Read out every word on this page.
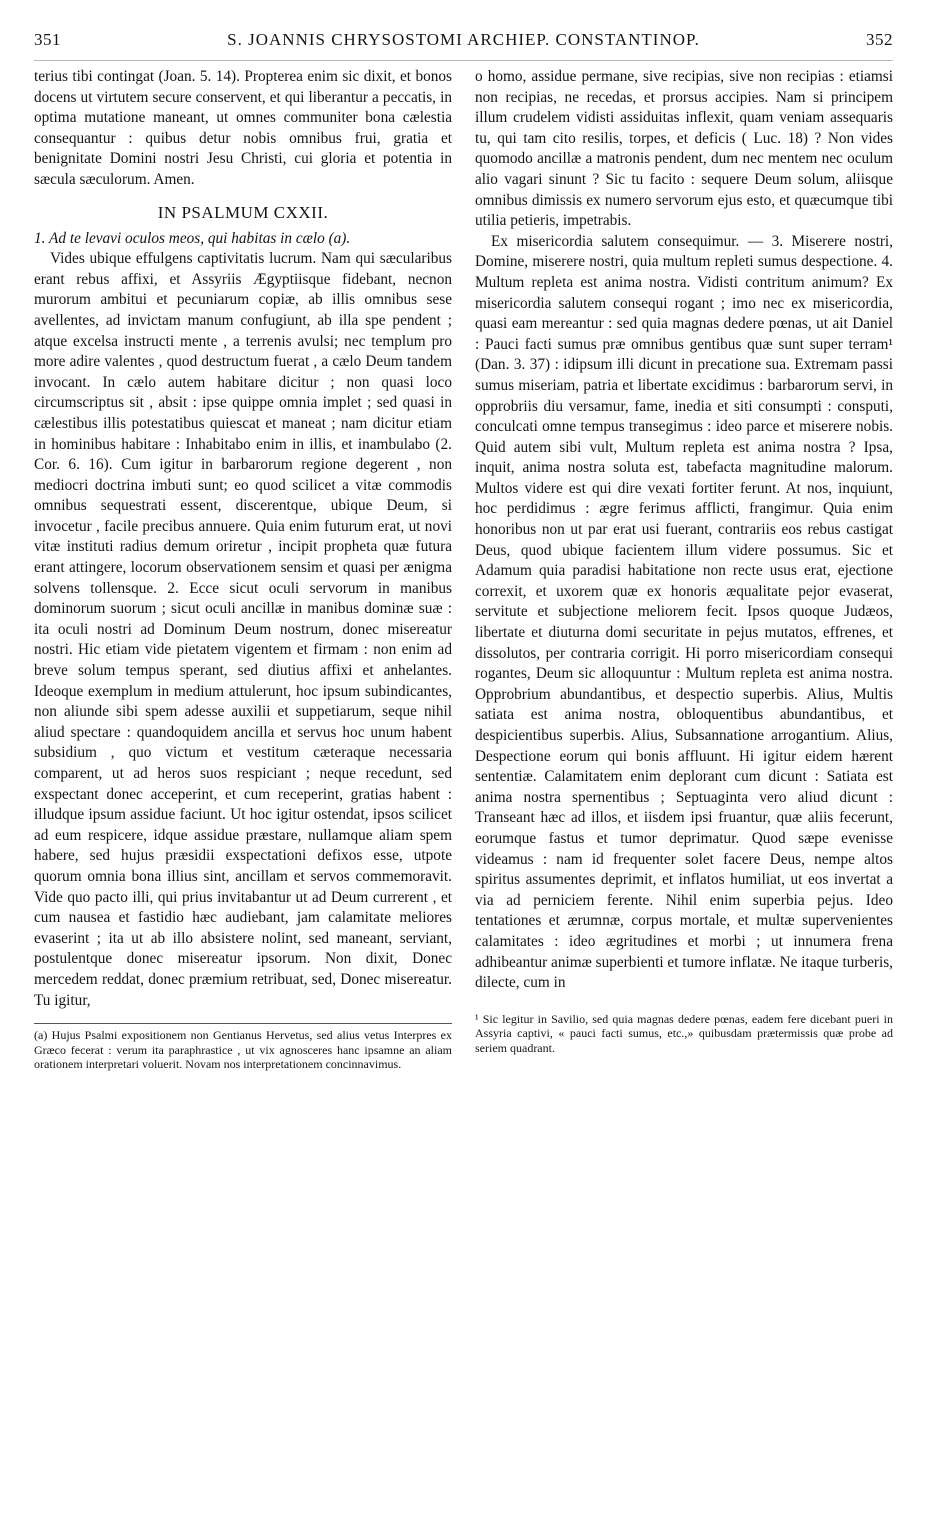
351	S. JOANNIS CHRYSOSTOMI ARCHIEP. CONSTANTINOP.	352

terius tibi contingat (Joan. 5. 14). Propterea enim sic dixit, et bonos docens ut virtutem secure conservent, et qui liberantur a peccatis, in optima mutatione maneant, ut omnes communiter bona cælestia consequantur : quibus detur nobis omnibus frui, gratia et benignitate Domini nostri Jesu Christi, cui gloria et potentia in sæcula sæculorum. Amen.

IN PSALMUM CXXII.

1. Ad te levavi oculos meos, qui habitas in cælo (a).

Vides ubique effulgens captivitatis lucrum. Nam qui sæcularibus erant rebus affixi, et Assyriis Ægyptiisque fidebant, necnon murorum ambitui et pecuniarum copiæ, ab illis omnibus sese avellentes, ad invictam manum confugiunt, ab illa spe pendent ; atque excelsa instructi mente , a terrenis avulsi; nec templum pro more adire valentes , quod destructum fuerat , a cælo Deum tandem invocant. In cælo autem habitare dicitur ; non quasi loco circumscriptus sit , absit : ipse quippe omnia implet ; sed quasi in cælestibus illis potestatibus quiescat et maneat ; nam dicitur etiam in hominibus habitare : Inhabitabo enim in illis, et inambulabo (2. Cor. 6. 16). Cum igitur in barbarorum regione degerent , non mediocri doctrina imbuti sunt; eo quod scilicet a vitæ commodis omnibus sequestrati essent, discerentque, ubique Deum, si invocetur , facile precibus annuere. Quia enim futurum erat, ut novi vitæ instituti radius demum oriretur , incipit propheta quæ futura erant attingere, locorum observationem sensim et quasi per ænigma solvens tollensque. 2. Ecce sicut oculi servorum in manibus dominorum suorum ; sicut oculi ancillæ in manibus dominæ suæ : ita oculi nostri ad Dominum Deum nostrum, donec misereatur nostri. Hic etiam vide pietatem vigentem et firmam : non enim ad breve solum tempus sperant, sed diutius affixi et anhelantes. Ideoque exemplum in medium attulerunt, hoc ipsum subindicantes, non aliunde sibi spem adesse auxilii et suppetiarum, seque nihil aliud spectare : quandoquidem ancilla et servus hoc unum habent subsidium , quo victum et vestitum cæteraque necessaria comparent, ut ad heros suos respiciant ; neque recedunt, sed exspectant donec acceperint, et cum receperint, gratias habent : illudque ipsum assidue faciunt. Ut hoc igitur ostendat, ipsos scilicet ad eum respicere, idque assidue præstare, nullamque aliam spem habere, sed hujus præsidii exspectationi defixos esse, utpote quorum omnia bona illius sint, ancillam et servos commemoravit. Vide quo pacto illi, qui prius invitabantur ut ad Deum currerent , et cum nausea et fastidio hæc audiebant, jam calamitate meliores evaserint ; ita ut ab illo absistere nolint, sed maneant, serviant, postulentque donec misereatur ipsorum. Non dixit, Donec mercedem reddat, donec præmium retribuat, sed, Donec misereatur. Tu igitur,

(a) Hujus Psalmi expositionem non Gentianus Hervetus, sed alius vetus Interpres ex Græco fecerat : verum ita paraphrastice , ut vix agnosceres hanc ipsamne an aliam orationem interpretari voluerit. Novam nos interpretationem concinnavimus.

o homo, assidue permane, sive recipias, sive non recipias : etiamsi non recipias, ne recedas, et prorsus accipies. Nam si principem illum crudelem vidisti assiduitas inflexit, quam veniam assequaris tu, qui tam cito resilis, torpes, et deficis ( Luc. 18) ? Non vides quomodo ancillæ a matronis pendent, dum nec mentem nec oculum alio vagari sinunt ? Sic tu facito : sequere Deum solum, aliisque omnibus dimissis ex numero servorum ejus esto, et quæcumque tibi utilia petieris, impetrabis.

Ex misericordia salutem consequimur. — 3. Miserere nostri, Domine, miserere nostri, quia multum repleti sumus despectione. 4. Multum repleta est anima nostra. Vidisti contritum animum? Ex misericordia salutem consequi rogant ; imo nec ex misericordia, quasi eam mereantur : sed quia magnas dedere pœnas, ut ait Daniel : Pauci facti sumus præ omnibus gentibus quæ sunt super terram¹ (Dan. 3. 37) : idipsum illi dicunt in precatione sua. Extremam passi sumus miseriam, patria et libertate excidimus : barbarorum servi, in opprobriis diu versamur, fame, inedia et siti consumpti : consputi, conculcati omne tempus transegimus : ideo parce et miserere nobis. Quid autem sibi vult, Multum repleta est anima nostra ? Ipsa, inquit, anima nostra soluta est, tabefacta magnitudine malorum. Multos videre est qui dire vexati fortiter ferunt. At nos, inquiunt, hoc perdidimus : ægre ferimus afflicti, frangimur. Quia enim honoribus non ut par erat usi fuerant, contrariis eos rebus castigat Deus, quod ubique facientem illum videre possumus. Sic et Adamum quia paradisi habitatione non recte usus erat, ejectione correxit, et uxorem quæ ex honoris æqualitate pejor evaserat, servitute et subjectione meliorem fecit. Ipsos quoque Judæos, libertate et diuturna domi securitate in pejus mutatos, effrenes, et dissolutos, per contraria corrigit. Hi porro misericordiam consequi rogantes, Deum sic alloquuntur : Multum repleta est anima nostra. Opprobrium abundantibus, et despectio superbis. Alius, Multis satiata est anima nostra, obloquentibus abundantibus, et despicientibus superbis. Alius, Subsannatione arrogantium. Alius, Despectione eorum qui bonis affluunt. Hi igitur eidem hærent sententiæ. Calamitatem enim deplorant cum dicunt : Satiata est anima nostra spernentibus ; Septuaginta vero aliud dicunt : Transeant hæc ad illos, et iisdem ipsi fruantur, quæ aliis fecerunt, eorumque fastus et tumor deprimatur. Quod sæpe evenisse videamus : nam id frequenter solet facere Deus, nempe altos spiritus assumentes deprimit, et inflatos humiliat, ut eos invertat a via ad perniciem ferente. Nihil enim superbia pejus. Ideo tentationes et ærumnæ, corpus mortale, et multæ supervenientes calamitates : ideo ægritudines et morbi ; ut innumera frena adhibeantur animæ superbienti et tumore inflatæ. Ne itaque turberis, dilecte, cum in

¹ Sic legitur in Savilio, sed quia magnas dedere pœnas, eadem fere dicebant pueri in Assyria captivi, « pauci facti sumus, etc.,» quibusdam prætermissis quæ probe ad seriem quadrant.
